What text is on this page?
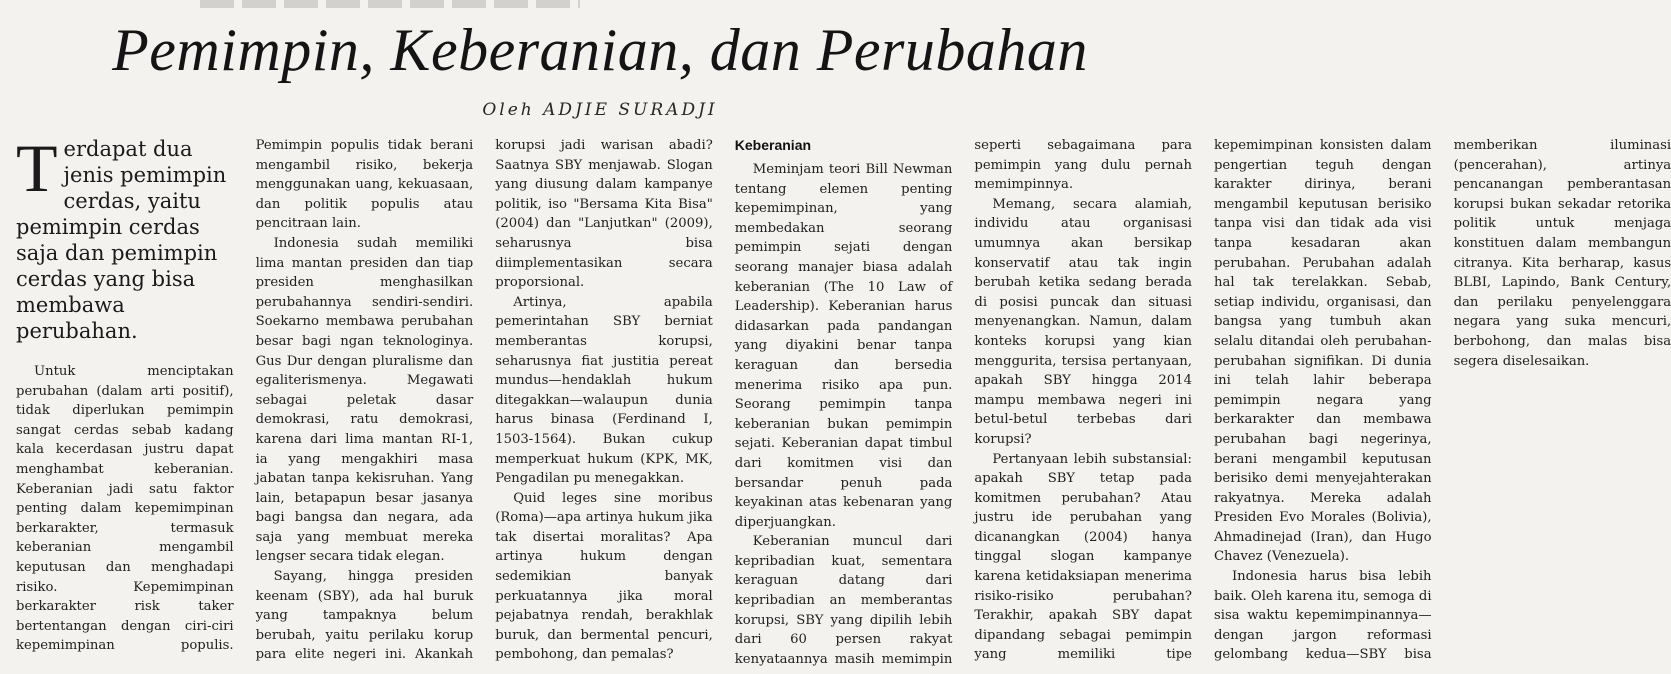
Pemimpin, Keberanian, dan Perubahan
Oleh ADJIE SURADJI

Terdapat dua jenis pemimpin cerdas, yaitu pemimpin cerdas saja dan pemimpin cerdas yang bisa membawa perubahan.

Untuk menciptakan perubahan (dalam arti positif), tidak diperlukan pemimpin sangat cerdas sebab kadang kala kecerdasan justru dapat menghambat keberanian. Keberanian jadi satu faktor penting dalam kepemimpinan berkarakter, termasuk keberanian mengambil keputusan dan menghadapi risiko. Kepemimpinan berkarakter risk taker bertentangan dengan ciri-ciri kepemimpinan populis. Pemimpin populis tidak berani mengambil risiko, bekerja menggunakan uang, kekuasaan, dan politik populis atau pencitraan lain.

Indonesia sudah memiliki lima mantan presiden dan tiap presiden menghasilkan perubahannya sendiri-sendiri. Soekarno membawa perubahan besar bagi ngan teknologinya. Gus Dur dengan pluralisme dan egaliterismenya. Megawati sebagai peletak dasar demokrasi, ratu demokrasi, karena dari lima mantan RI-1, ia yang mengakhiri masa jabatan tanpa kekisruhan. Yang lain, betapapun besar jasanya bagi bangsa dan negara, ada saja yang membuat mereka lengser secara tidak elegan.

Sayang, hingga presiden keenam (SBY), ada hal buruk yang tampaknya belum berubah, yaitu perilaku korup para elite negeri ini. Akankah korupsi jadi warisan abadi? Saatnya SBY menjawab. Slogan yang diusung dalam kampanye politik, iso "Bersama Kita Bisa" (2004) dan "Lanjutkan" (2009), seharusnya bisa diimplementasikan secara proporsional.

Artinya, apabila pemerintahan SBY berniat memberantas korupsi, seharusnya fiat justitia pereat mundus—hendaklah hukum ditegakkan—walaupun dunia harus binasa (Ferdinand I, 1503-1564). Bukan cukup memperkuat hukum (KPK, MK, Pengadilan pu menegakkan.

Quid leges sine moribus (Roma)—apa artinya hukum jika tak disertai moralitas? Apa artinya hukum dengan sedemikian banyak perkuatannya jika moral pejabatnya rendah, berakhlak buruk, dan bermental pencuri, pembohong, dan pemalas?

Keberanian

Meminjam teori Bill Newman tentang elemen penting kepemimpinan, yang membedakan seorang pemimpin sejati dengan seorang manajer biasa adalah keberanian (The 10 Law of Leadership). Keberanian harus didasarkan pada pandangan yang diyakini benar tanpa keraguan dan bersedia menerima risiko apa pun. Seorang pemimpin tanpa keberanian bukan pemimpin sejati. Keberanian dapat timbul dari komitmen visi dan bersandar penuh pada keyakinan atas kebenaran yang diperjuangkan.

Keberanian muncul dari kepribadian kuat, sementara keraguan datang dari kepribadian an memberantas korupsi, SBY yang dipilih lebih dari 60 persen rakyat kenyataannya masih memimpin seperti sebagaimana para pemimpin yang dulu pernah memimpinnya.

Memang, secara alamiah, individu atau organisasi umumnya akan bersikap konservatif atau tak ingin berubah ketika sedang berada di posisi puncak dan situasi menyenangkan. Namun, dalam konteks korupsi yang kian menggurita, tersisa pertanyaan, apakah SBY hingga 2014 mampu membawa negeri ini betul-betul terbebas dari korupsi?

Pertanyaan lebih substansial: apakah SBY tetap pada komitmen perubahan? Atau justru ide perubahan yang dicanangkan (2004) hanya tinggal slogan kampanye karena ketidaksiapan menerima risiko-risiko perubahan? Terakhir, apakah SBY dapat dipandang sebagai pemimpin yang memiliki tipe kepemimpinan konsisten dalam pengertian teguh dengan karakter dirinya, berani mengambil keputusan berisiko tanpa visi dan tidak ada visi tanpa kesadaran akan perubahan. Perubahan adalah hal tak terelakkan. Sebab, setiap individu, organisasi, dan bangsa yang tumbuh akan selalu ditandai oleh perubahan-perubahan signifikan. Di dunia ini telah lahir beberapa pemimpin negara yang berkarakter dan membawa perubahan bagi negerinya, berani mengambil keputusan berisiko demi menyejahterakan rakyatnya. Mereka adalah Presiden Evo Morales (Bolivia), Ahmadinejad (Iran), dan Hugo Chavez (Venezuela).

Indonesia harus bisa lebih baik. Oleh karena itu, semoga di sisa waktu kepemimpinannya—dengan jargon reformasi gelombang kedua—SBY bisa memberikan iluminasi (pencerahan), artinya pencanangan pemberantasan korupsi bukan sekadar retorika politik untuk menjaga konstituen dalam membangun citranya. Kita berharap, kasus BLBI, Lapindo, Bank Century, dan perilaku penyelenggara negara yang suka mencuri, berbohong, dan malas bisa segera diselesaikan.
